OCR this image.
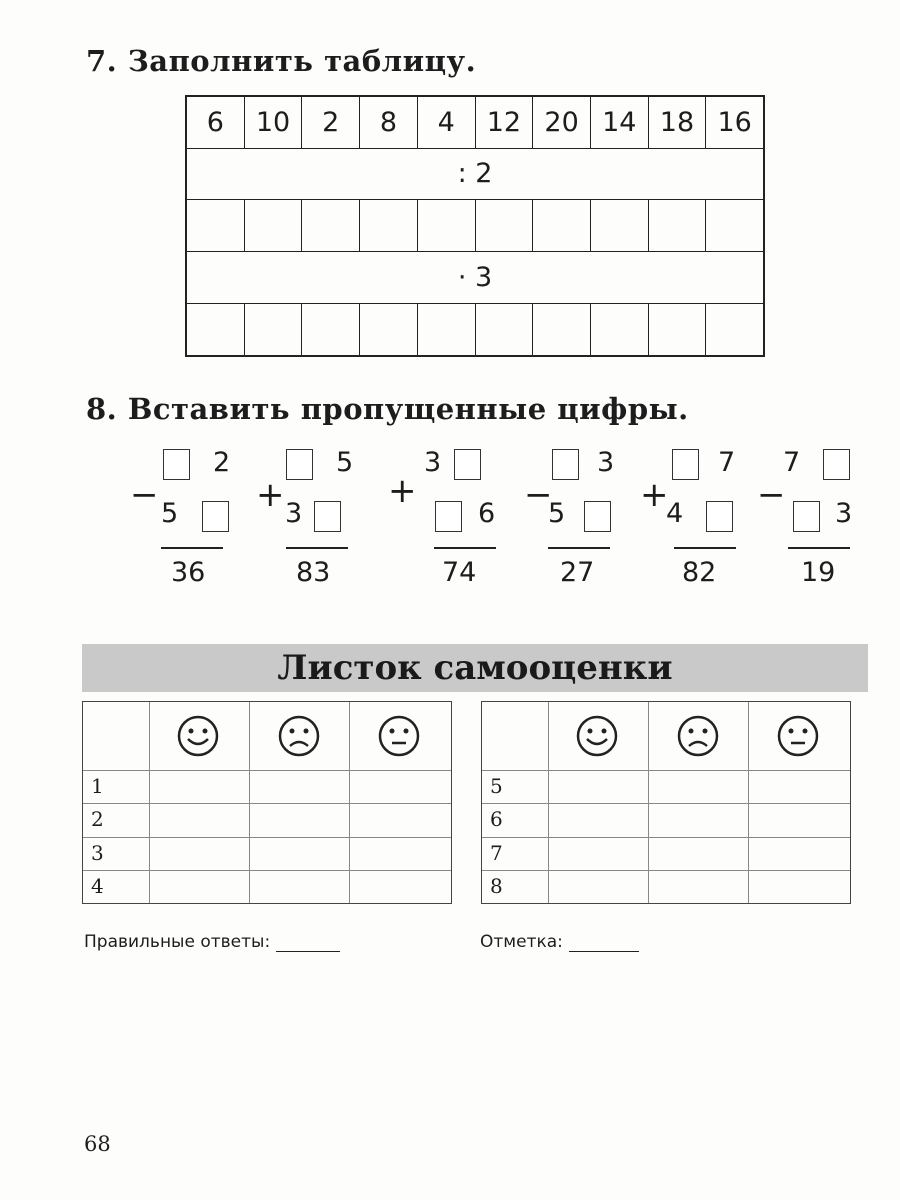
7. Заполнить таблицу.
6	10	2	8	4	12 20 14 18 16
: 2
· 3
8. Вставить пропущенные цифры.
2
− 5
36
5
+ 3
83
3
+
6
74
3
−
5
27
7
+
4
82
7
− 3
19
Листок самооценки
1
2
3
4
5
6
7
8
Правильные ответы:	Отметка:
68
